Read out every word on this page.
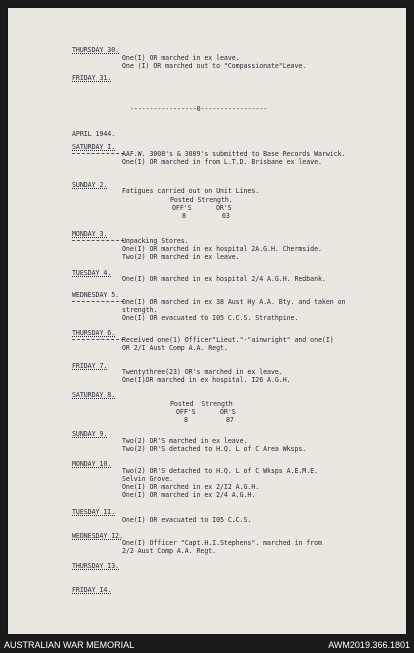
THURSDAY 30.
One(I) OR marched in ex leave.
One (I) OR marched out to "Compassionate"Leave.
FRIDAY 31.
-----------------0-----------------
APRIL 1944.
SATURDAY I.
AAF.W. 3008's & 3009's submitted to Base Records Warwick.
One(I) OR marched in from L.T.D. Brisbane ex leave.
SUNDAY 2.
Fatigues carried out on Unit Lines.
Posted Strength.
OFF'S	OR'S
8	63
MONDAY 3.
Unpacking Stores.
One(I) OR marched in ex hospital 2A.G.H. Chermside.
Two(2) OR marched in ex leave.
TUESDAY 4.
One(I) OR marched in ex hospital 2/4 A.G.H. Redbank.
WEDNESDAY 5.
One(I) OR marched in ex 38 Aust Hy A.A. Bty. and taken on
strength.
One(I) OR evacuated to I05 C.C.S. Strathpine.
THURSDAY 6.
Received one(1) Officer"Lieut."-"ainwright" and one(I)
OR 2/I Aust Comp A.A. Regt.
FRIDAY 7.
Twentythree(23) OR's marched in ex leave.
One(I)OR marched in ex hospital. I26 A.G.H.
SATURDAY 8.
Posted  Strength
OFF'S	OR'S
8	87
SUNDAY 9.
Two(2) OR'S marched in ex leave.
Two(2) OR'S detached to H.Q. L of C Area Wksps.
MONDAY 10.
Two(2) OR'S detached to H.Q. L of C Wksps A.E.M.E.
Selvin Grove.
One(I) OR marched in ex 2/I2 A.G.H.
One(I) OR marched in ex 2/4 A.G.H.
TUESDAY II.
One(I) OR evacuated to I05 C.C.S.
WEDNESDAY I2.
One(I) Officer "Capt.H.I.Stephens". marched in from
2/2 Aust Comp A.A. Regt.
THURSDAY I3.
FRIDAY I4.
AUSTRALIAN WAR MEMORIAL	AWM2019.366.1801
